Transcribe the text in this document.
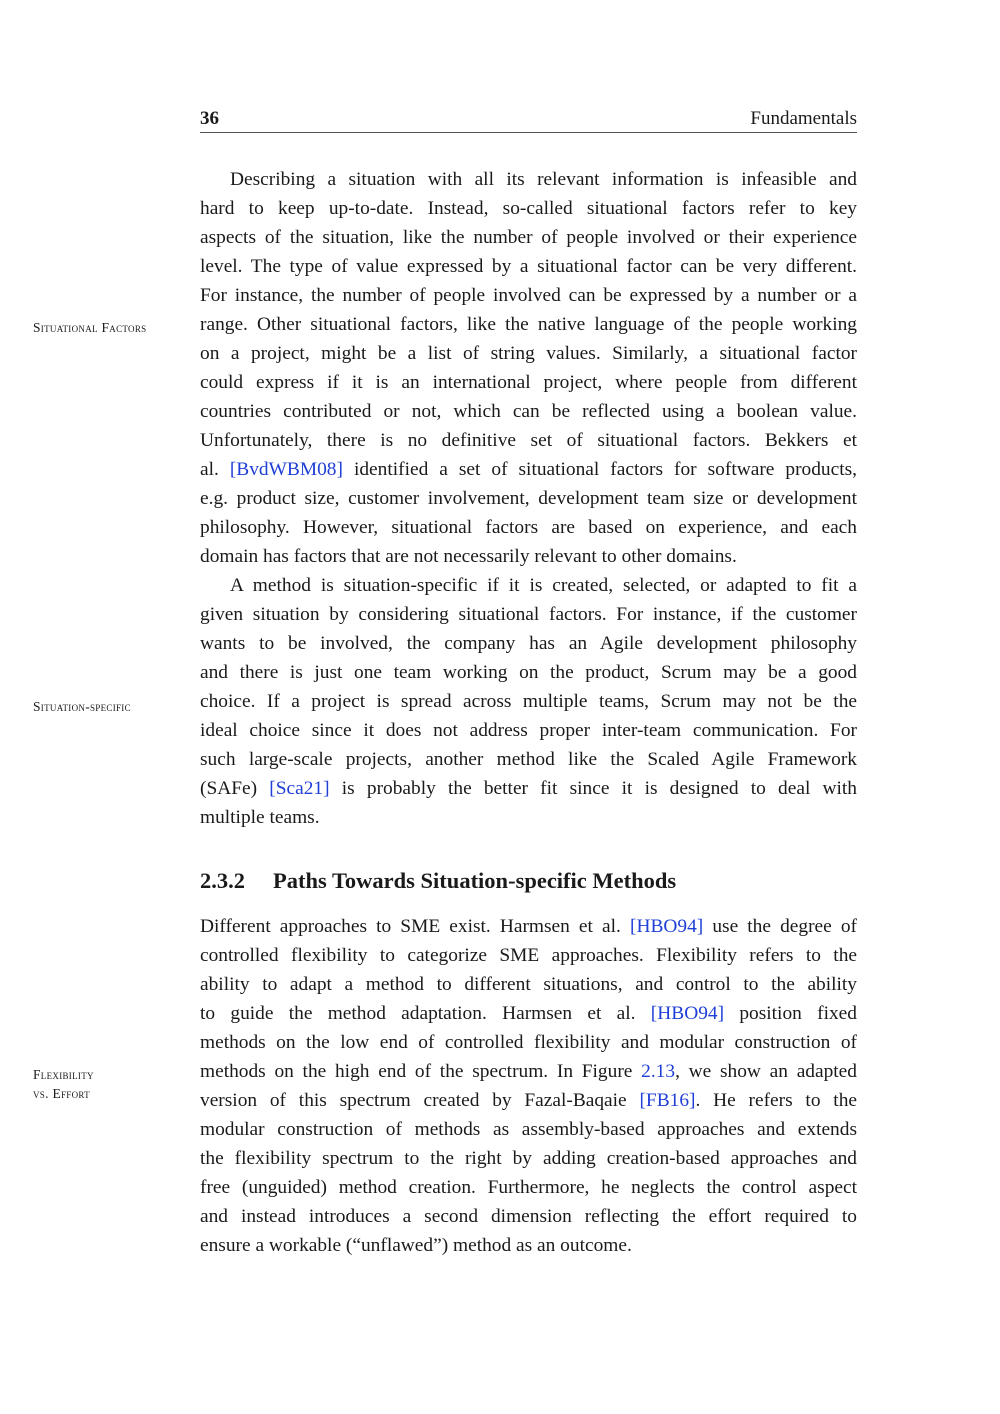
36	Fundamentals
Situational Factors
Situation-specific
Flexibility
vs. Effort
Describing a situation with all its relevant information is infeasible and
hard to keep up-to-date. Instead, so-called situational factors refer to key
aspects of the situation, like the number of people involved or their experience
level. The type of value expressed by a situational factor can be very different.
For instance, the number of people involved can be expressed by a number or a
range. Other situational factors, like the native language of the people working
on a project, might be a list of string values. Similarly, a situational factor
could express if it is an international project, where people from different
countries contributed or not, which can be reflected using a boolean value.
Unfortunately, there is no definitive set of situational factors. Bekkers et
al. [BvdWBM08] identified a set of situational factors for software products,
e.g. product size, customer involvement, development team size or development
philosophy. However, situational factors are based on experience, and each
domain has factors that are not necessarily relevant to other domains.
A method is situation-specific if it is created, selected, or adapted to fit a
given situation by considering situational factors. For instance, if the customer
wants to be involved, the company has an Agile development philosophy
and there is just one team working on the product, Scrum may be a good
choice. If a project is spread across multiple teams, Scrum may not be the
ideal choice since it does not address proper inter-team communication. For
such large-scale projects, another method like the Scaled Agile Framework
(SAFe) [Sca21] is probably the better fit since it is designed to deal with
multiple teams.
2.3.2 Paths Towards Situation-specific Methods
Different approaches to SME exist. Harmsen et al. [HBO94] use the degree of
controlled flexibility to categorize SME approaches. Flexibility refers to the
ability to adapt a method to different situations, and control to the ability
to guide the method adaptation. Harmsen et al. [HBO94] position fixed
methods on the low end of controlled flexibility and modular construction of
methods on the high end of the spectrum. In Figure 2.13, we show an adapted
version of this spectrum created by Fazal-Baqaie [FB16]. He refers to the
modular construction of methods as assembly-based approaches and extends
the flexibility spectrum to the right by adding creation-based approaches and
free (unguided) method creation. Furthermore, he neglects the control aspect
and instead introduces a second dimension reflecting the effort required to
ensure a workable (“unflawed”) method as an outcome.
